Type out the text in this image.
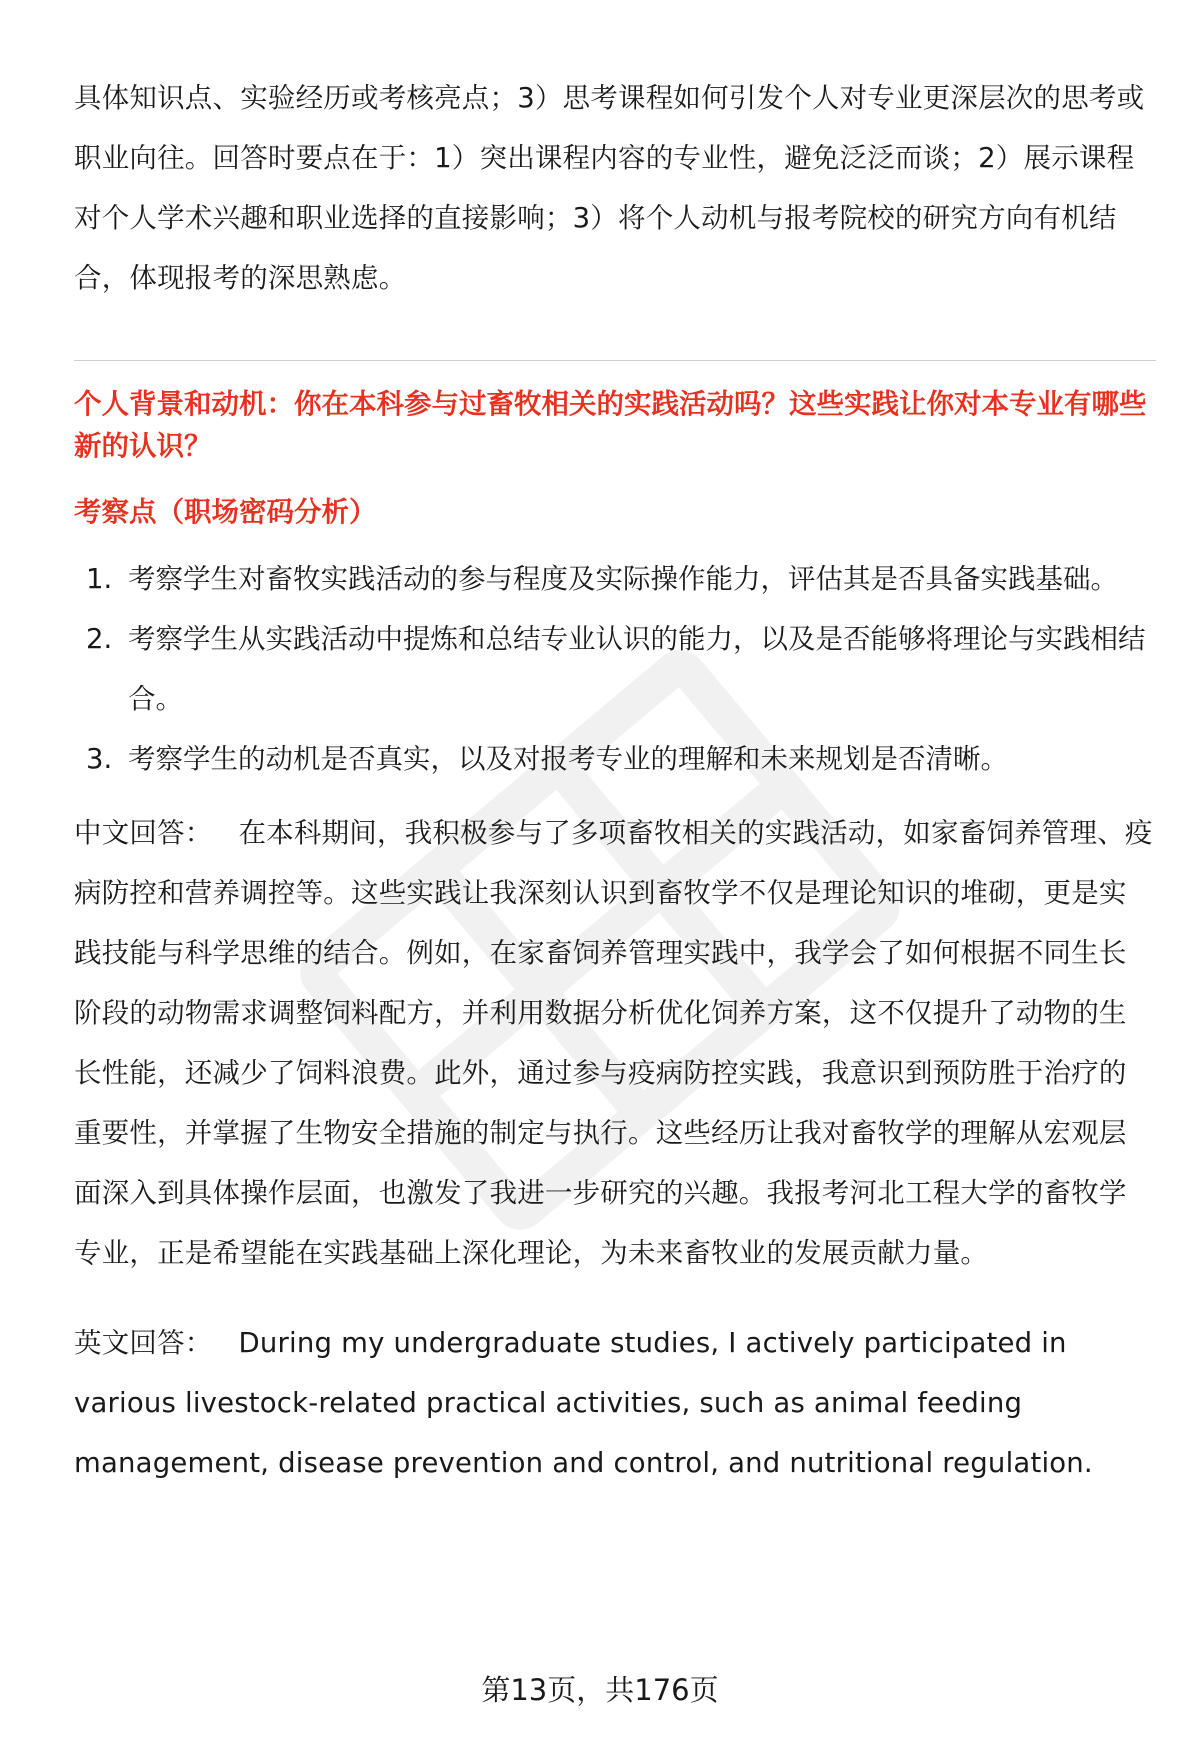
具体知识点、实验经历或考核亮点；3）思考课程如何引发个人对专业更深层次的思考或职业向往。回答时要点在于：1）突出课程内容的专业性，避免泛泛而谈；2）展示课程对个人学术兴趣和职业选择的直接影响；3）将个人动机与报考院校的研究方向有机结合，体现报考的深思熟虑。

个人背景和动机：你在本科参与过畜牧相关的实践活动吗？这些实践让你对本专业有哪些新的认识？

考察点（职场密码分析）

1. 考察学生对畜牧实践活动的参与程度及实际操作能力，评估其是否具备实践基础。
2. 考察学生从实践活动中提炼和总结专业认识的能力，以及是否能够将理论与实践相结合。
3. 考察学生的动机是否真实，以及对报考专业的理解和未来规划是否清晰。

中文回答： 在本科期间，我积极参与了多项畜牧相关的实践活动，如家畜饲养管理、疫病防控和营养调控等。这些实践让我深刻认识到畜牧学不仅是理论知识的堆砌，更是实践技能与科学思维的结合。例如，在家畜饲养管理实践中，我学会了如何根据不同生长阶段的动物需求调整饲料配方，并利用数据分析优化饲养方案，这不仅提升了动物的生长性能，还减少了饲料浪费。此外，通过参与疫病防控实践，我意识到预防胜于治疗的重要性，并掌握了生物安全措施的制定与执行。这些经历让我对畜牧学的理解从宏观层面深入到具体操作层面，也激发了我进一步研究的兴趣。我报考河北工程大学的畜牧学专业，正是希望能在实践基础上深化理论，为未来畜牧业的发展贡献力量。

英文回答： During my undergraduate studies, I actively participated in various livestock-related practical activities, such as animal feeding management, disease prevention and control, and nutritional regulation.

第13页，共176页
